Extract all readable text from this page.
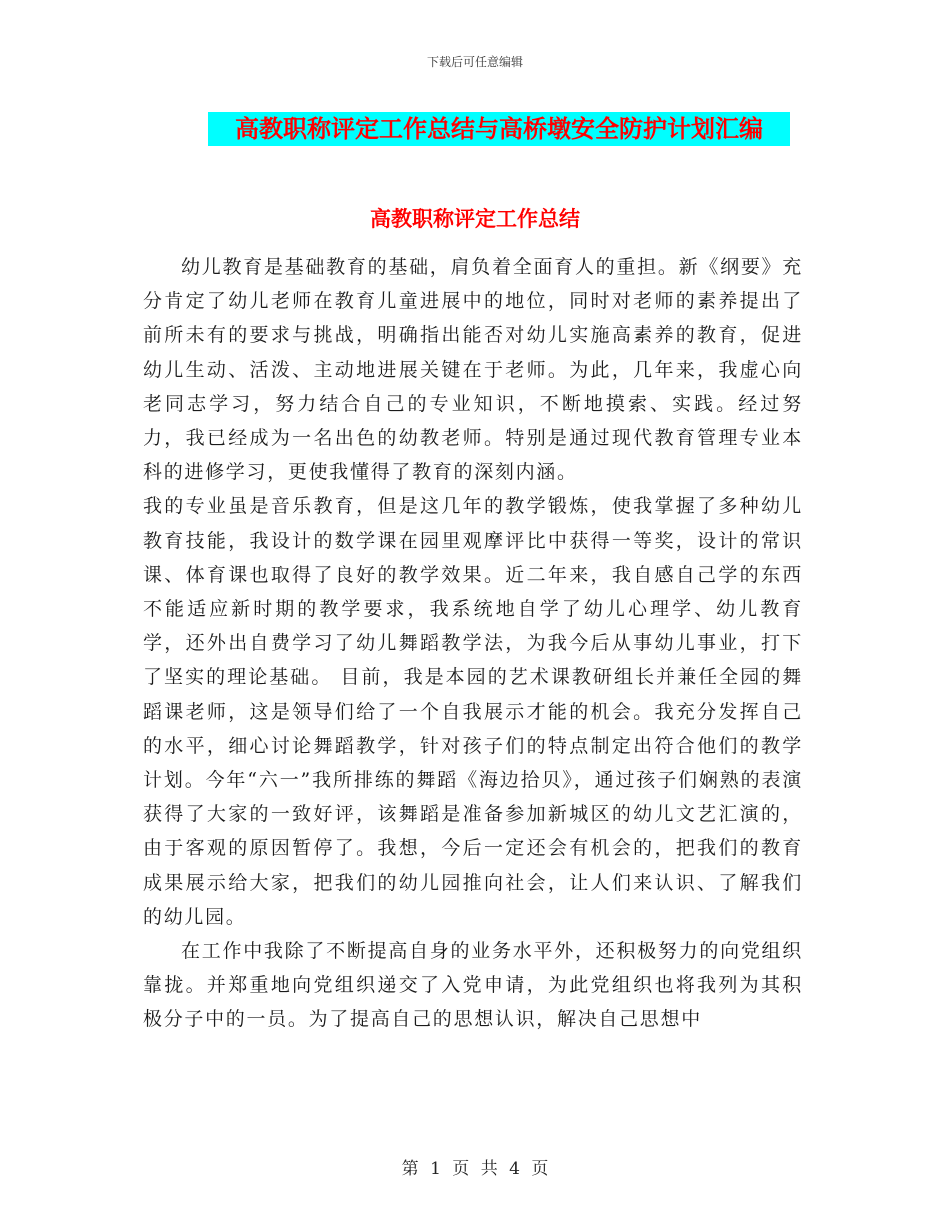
下载后可任意编辑
高教职称评定工作总结与高桥墩安全防护计划汇编
高教职称评定工作总结

幼儿教育是基础教育的基础，肩负着全面育人的重担。新《纲要》充分肯定了幼儿老师在教育儿童进展中的地位，同时对老师的素养提出了前所未有的要求与挑战，明确指出能否对幼儿实施高素养的教育，促进幼儿生动、活泼、主动地进展关键在于老师。为此，几年来，我虚心向老同志学习，努力结合自己的专业知识，不断地摸索、实践。经过努力，我已经成为一名出色的幼教老师。特别是通过现代教育管理专业本科的进修学习，更使我懂得了教育的深刻内涵。

我的专业虽是音乐教育，但是这几年的教学锻炼，使我掌握了多种幼儿教育技能，我设计的数学课在园里观摩评比中获得一等奖，设计的常识课、体育课也取得了良好的教学效果。近二年来，我自感自己学的东西不能适应新时期的教学要求，我系统地自学了幼儿心理学、幼儿教育学，还外出自费学习了幼儿舞蹈教学法，为我今后从事幼儿事业，打下了坚实的理论基础。 目前，我是本园的艺术课教研组长并兼任全园的舞蹈课老师，这是领导们给了一个自我展示才能的机会。我充分发挥自己的水平，细心讨论舞蹈教学，针对孩子们的特点制定出符合他们的教学计划。今年“六一”我所排练的舞蹈《海边拾贝》，通过孩子们娴熟的表演获得了大家的一致好评，该舞蹈是准备参加新城区的幼儿文艺汇演的，由于客观的原因暂停了。我想，今后一定还会有机会的，把我们的教育成果展示给大家，把我们的幼儿园推向社会，让人们来认识、了解我们的幼儿园。

在工作中我除了不断提高自身的业务水平外，还积极努力的向党组织靠拢。并郑重地向党组织递交了入党申请，为此党组织也将我列为其积极分子中的一员。为了提高自己的思想认识，解决自己思想中

第 1 页 共 4 页
